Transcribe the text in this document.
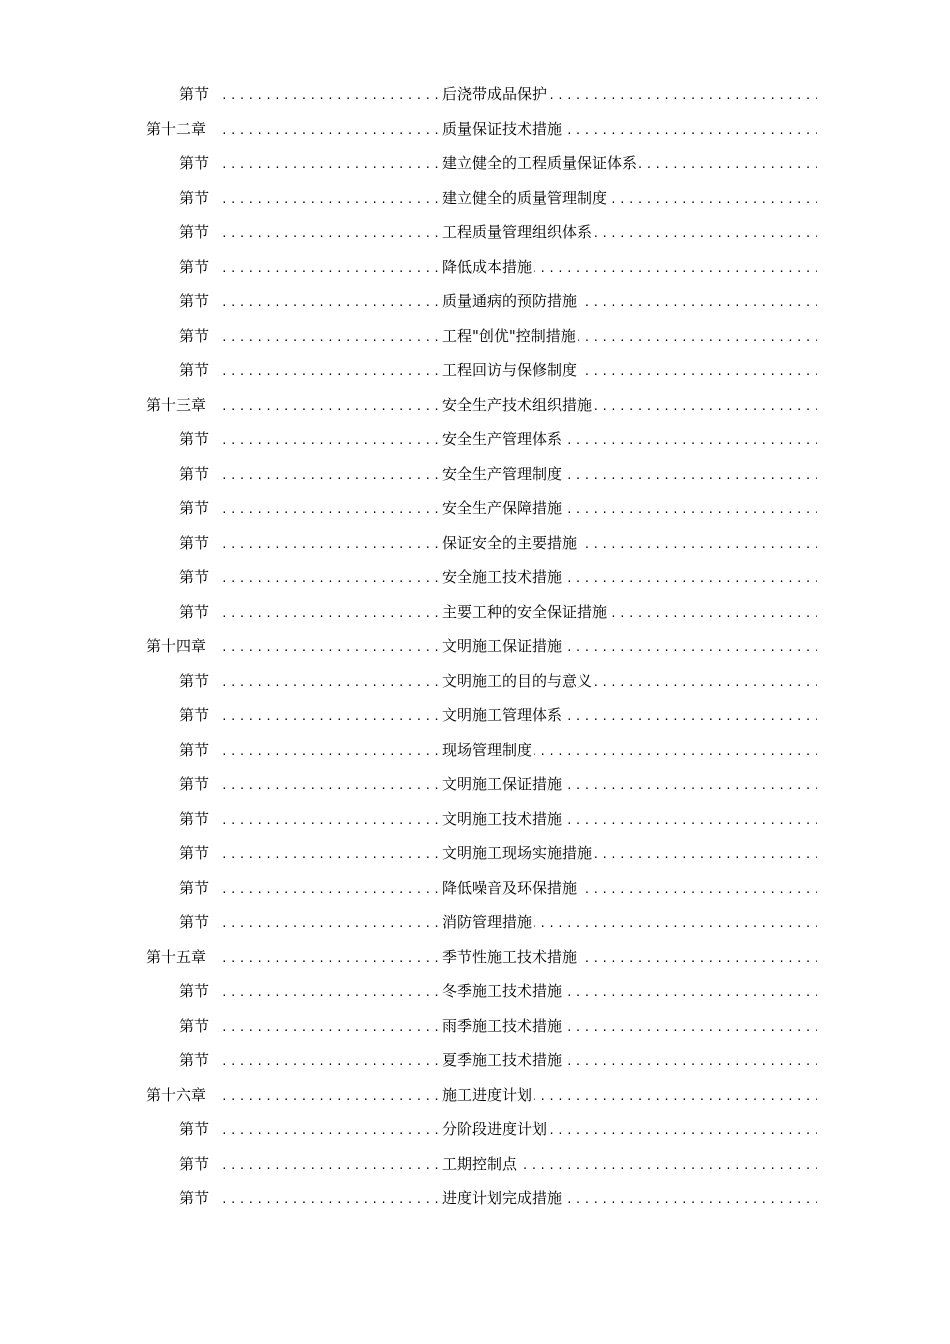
第节	后浇带成品保护
. . .
第十二章	质量保证技术措施
. . .
第节	建立健全的工程质量保证体系
. . .
第节	建立健全的质量管理制度
. . .
第节	工程质量管理组织体系
. . .
第节	降低成本措施
. . .
第节	质量通病的预防措施
. . .
第节	工程"创优"控制措施
. . .
第节	工程回访与保修制度
. . .
第十三章	安全生产技术组织措施
. . .
第节	安全生产管理体系
. . .
第节	安全生产管理制度
. . .
第节	安全生产保障措施
. . .
第节	保证安全的主要措施
. . .
第节	安全施工技术措施
. . .
第节	主要工种的安全保证措施
. . .
第十四章	文明施工保证措施
. . .
第节	文明施工的目的与意义
. . .
第节	文明施工管理体系
. . .
第节	现场管理制度
. . .
第节	文明施工保证措施
. . .
第节	文明施工技术措施
. . .
第节	文明施工现场实施措施
. . .
第节	降低噪音及环保措施
. . .
第节	消防管理措施
. . .
第十五章	季节性施工技术措施
. . .
第节	冬季施工技术措施
. . .
第节	雨季施工技术措施
. . .
第节	夏季施工技术措施
. . .
第十六章	施工进度计划
. . .
第节	分阶段进度计划
. . .
第节	工期控制点
. . .
第节	进度计划完成措施
. . .
